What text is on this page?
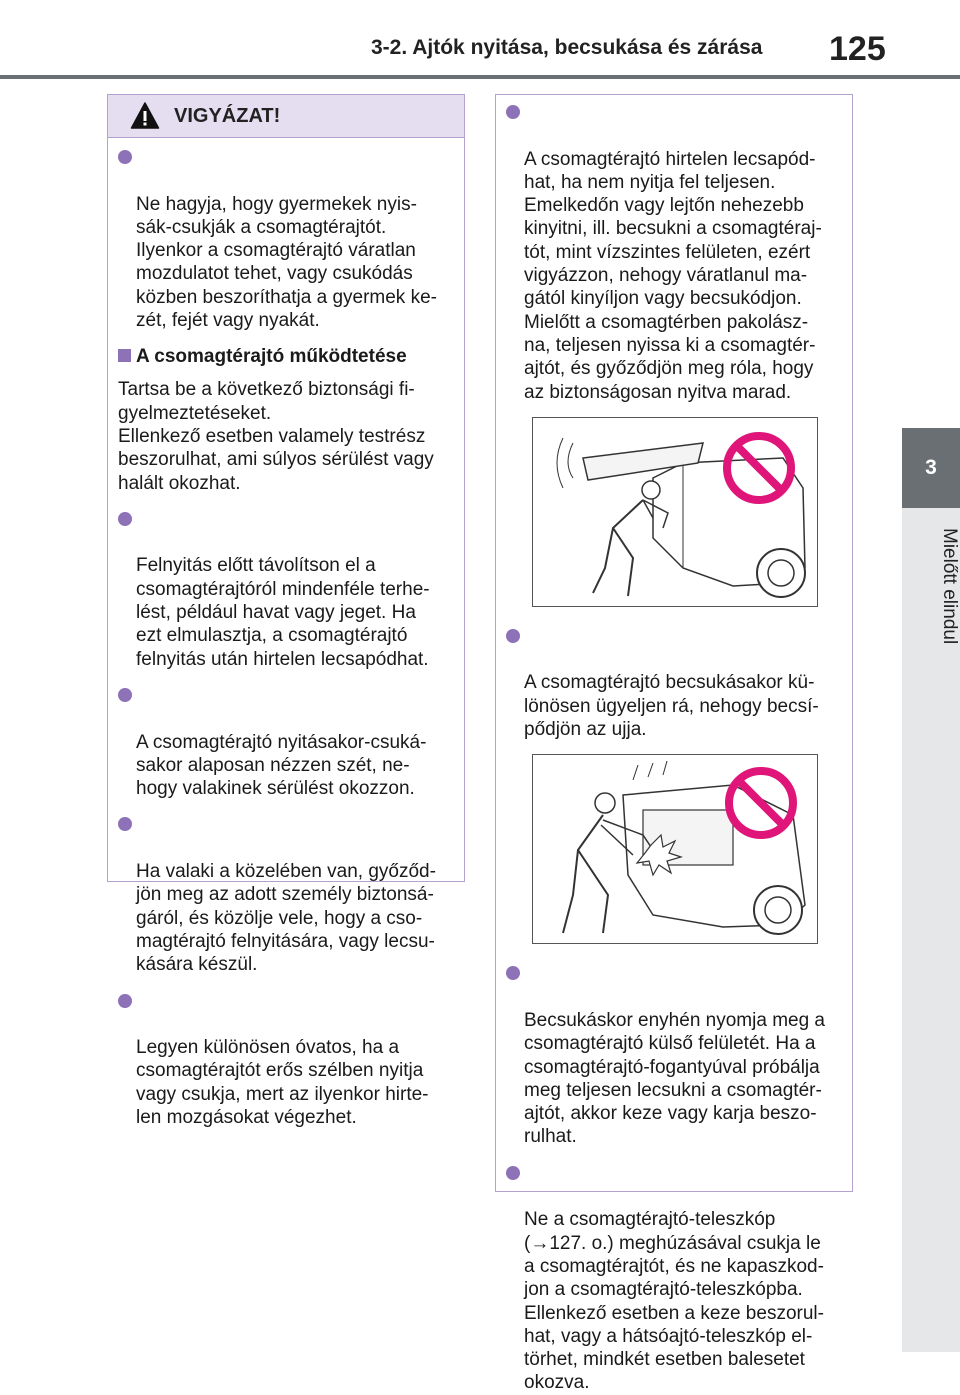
3-2. Ajtók nyitása, becsukása és zárása 125
3
Mielőtt elindul
VIGYÁZAT!

Ne hagyja, hogy gyermekek nyis-
sák-csukják a csomagtérajtót.
Ilyenkor a csomagtérajtó váratlan
mozdulatot tehet, vagy csukódás
közben beszoríthatja a gyermek ke-
zét, fejét vagy nyakát.

A csomagtérajtó működtetése
Tartsa be a következő biztonsági fi-
gyelmeztetéseket.
Ellenkező esetben valamely testrész
beszorulhat, ami súlyos sérülést vagy
halált okozhat.

Felnyitás előtt távolítson el a
csomagtérajtóról mindenféle terhe-
lést, például havat vagy jeget. Ha
ezt elmulasztja, a csomagtérajtó
felnyitás után hirtelen lecsapódhat.

A csomagtérajtó nyitásakor-csuká-
sakor alaposan nézzen szét, ne-
hogy valakinek sérülést okozzon.

Ha valaki a közelében van, győződ-
jön meg az adott személy biztonsá-
gáról, és közölje vele, hogy a cso-
magtérajtó felnyitására, vagy lecsu-
kására készül.

Legyen különösen óvatos, ha a
csomagtérajtót erős szélben nyitja
vagy csukja, mert az ilyenkor hirte-
len mozgásokat végezhet.

A csomagtérajtó hirtelen lecsapód-
hat, ha nem nyitja fel teljesen.
Emelkedőn vagy lejtőn nehezebb
kinyitni, ill. becsukni a csomagtéraj-
tót, mint vízszintes felületen, ezért
vigyázzon, nehogy váratlanul ma-
gától kinyíljon vagy becsukódjon.
Mielőtt a csomagtérben pakolász-
na, teljesen nyissa ki a csomagtér-
ajtót, és győződjön meg róla, hogy
az biztonságosan nyitva marad.

A csomagtérajtó becsukásakor kü-
lönösen ügyeljen rá, nehogy becsí-
pődjön az ujja.

Becsukáskor enyhén nyomja meg a
csomagtérajtó külső felületét. Ha a
csomagtérajtó-fogantyúval próbálja
meg teljesen lecsukni a csomagtér-
ajtót, akkor keze vagy karja beszo-
rulhat.

Ne a csomagtérajtó-teleszkóp
(→127. o.) meghúzásával csukja le
a csomagtérajtót, és ne kapaszkod-
jon a csomagtérajtó-teleszkópba.
Ellenkező esetben a keze beszorul-
hat, vagy a hátsóajtó-teleszkóp el-
törhet, mindkét esetben balesetet
okozva.
